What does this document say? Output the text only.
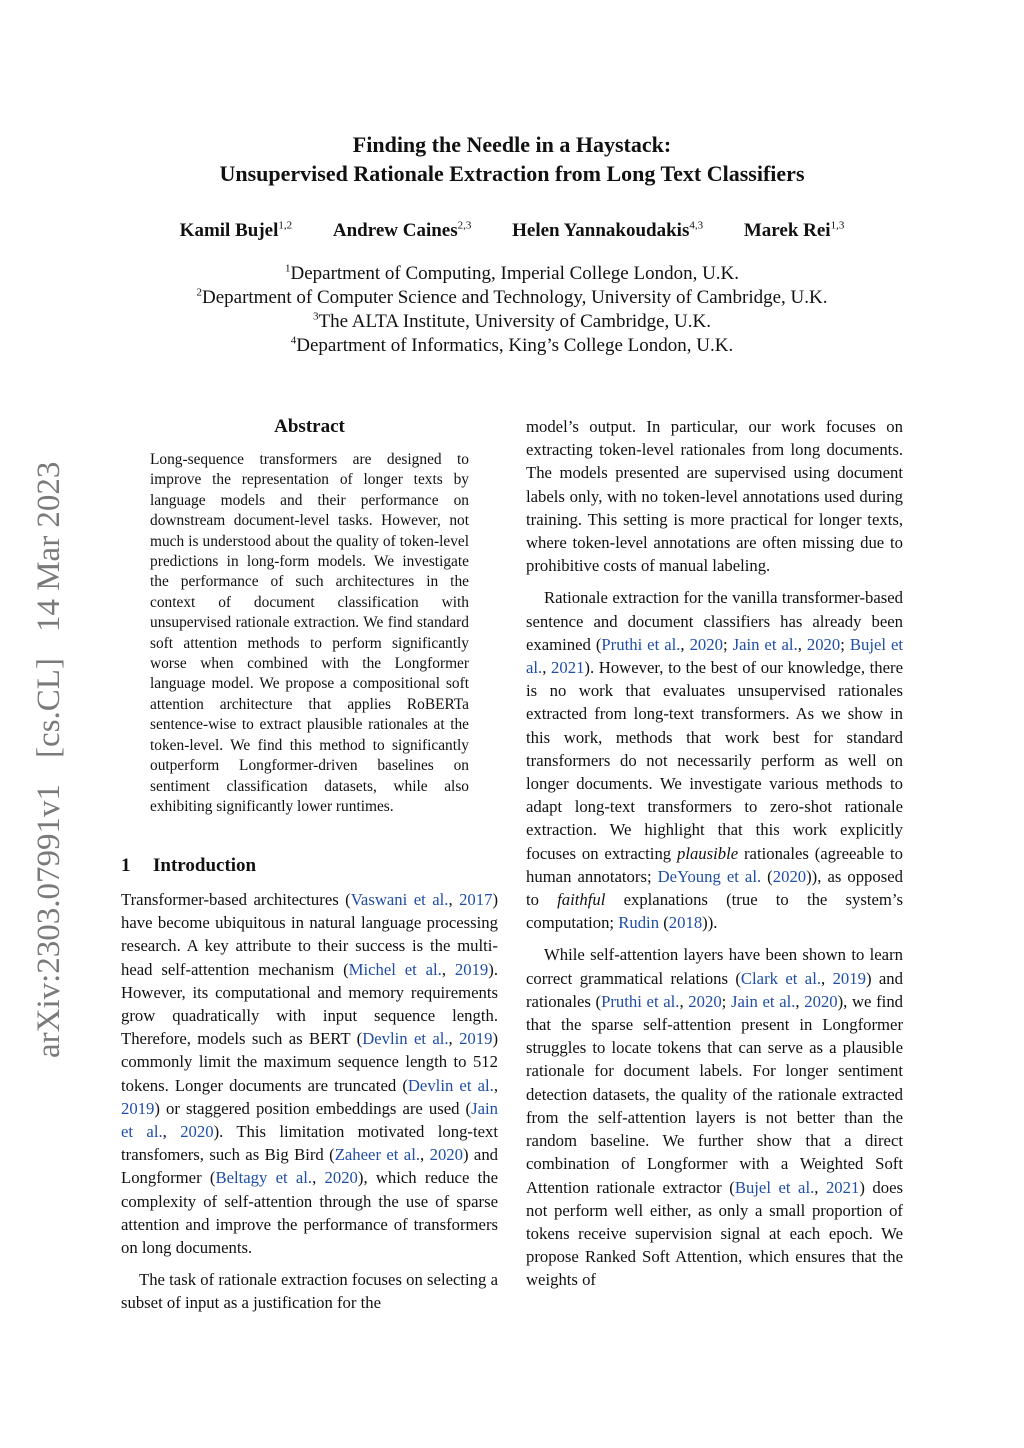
Finding the Needle in a Haystack:
Unsupervised Rationale Extraction from Long Text Classifiers
Kamil Bujel$^{1,2}$ Andrew Caines$^{2,3}$ Helen Yannakoudakis$^{4,3}$ Marek Rei$^{1,3}$
$^1$Department of Computing, Imperial College London, U.K.
$^2$Department of Computer Science and Technology, University of Cambridge, U.K.
$^3$The ALTA Institute, University of Cambridge, U.K.
$^4$Department of Informatics, King’s College London, U.K.
arXiv:2303.07991v1
[cs.CL]
14 Mar 2023
Abstract
Long-sequence transformers are designed to improve the representation of longer texts by language models and their performance on downstream document-level tasks. However, not much is understood about the quality of token-level predictions in long-form models. We investigate the performance of such architectures in the context of document classification with unsupervised rationale extraction. We find standard soft attention methods to perform significantly worse when combined with the Longformer language model. We propose a compositional soft attention architecture that applies RoBERTa sentence-wise to extract plausible rationales at the token-level. We find this method to significantly outperform Longformer-driven baselines on sentiment classification datasets, while also exhibiting significantly lower runtimes.
1 Introduction

Transformer-based architectures (Vaswani et al., 2017) have become ubiquitous in natural language processing research. A key attribute to their success is the multi-head self-attention mechanism (Michel et al., 2019). However, its computational and memory requirements grow quadratically with input sequence length. Therefore, models such as BERT (Devlin et al., 2019) commonly limit the maximum sequence length to 512 tokens. Longer documents are truncated (Devlin et al., 2019) or staggered position embeddings are used (Jain et al., 2020). This limitation motivated long-text transfomers, such as Big Bird (Zaheer et al., 2020) and Longformer (Beltagy et al., 2020), which reduce the complexity of self-attention through the use of sparse attention and improve the performance of transformers on long documents.

The task of rationale extraction focuses on selecting a subset of input as a justification for the

model’s output. In particular, our work focuses on extracting token-level rationales from long documents. The models presented are supervised using document labels only, with no token-level annotations used during training. This setting is more practical for longer texts, where token-level annotations are often missing due to prohibitive costs of manual labeling.

Rationale extraction for the vanilla transformer-based sentence and document classifiers has already been examined (Pruthi et al., 2020; Jain et al., 2020; Bujel et al., 2021). However, to the best of our knowledge, there is no work that evaluates unsupervised rationales extracted from long-text transformers. As we show in this work, methods that work best for standard transformers do not necessarily perform as well on longer documents. We investigate various methods to adapt long-text transformers to zero-shot rationale extraction. We highlight that this work explicitly focuses on extracting plausible rationales (agreeable to human annotators; DeYoung et al. (2020)), as opposed to faithful explanations (true to the system’s computation; Rudin (2018)).

While self-attention layers have been shown to learn correct grammatical relations (Clark et al., 2019) and rationales (Pruthi et al., 2020; Jain et al., 2020), we find that the sparse self-attention present in Longformer struggles to locate tokens that can serve as a plausible rationale for document labels. For longer sentiment detection datasets, the quality of the rationale extracted from the self-attention layers is not better than the random baseline. We further show that a direct combination of Longformer with a Weighted Soft Attention rationale extractor (Bujel et al., 2021) does not perform well either, as only a small proportion of tokens receive supervision signal at each epoch. We propose Ranked Soft Attention, which ensures that the weights of
